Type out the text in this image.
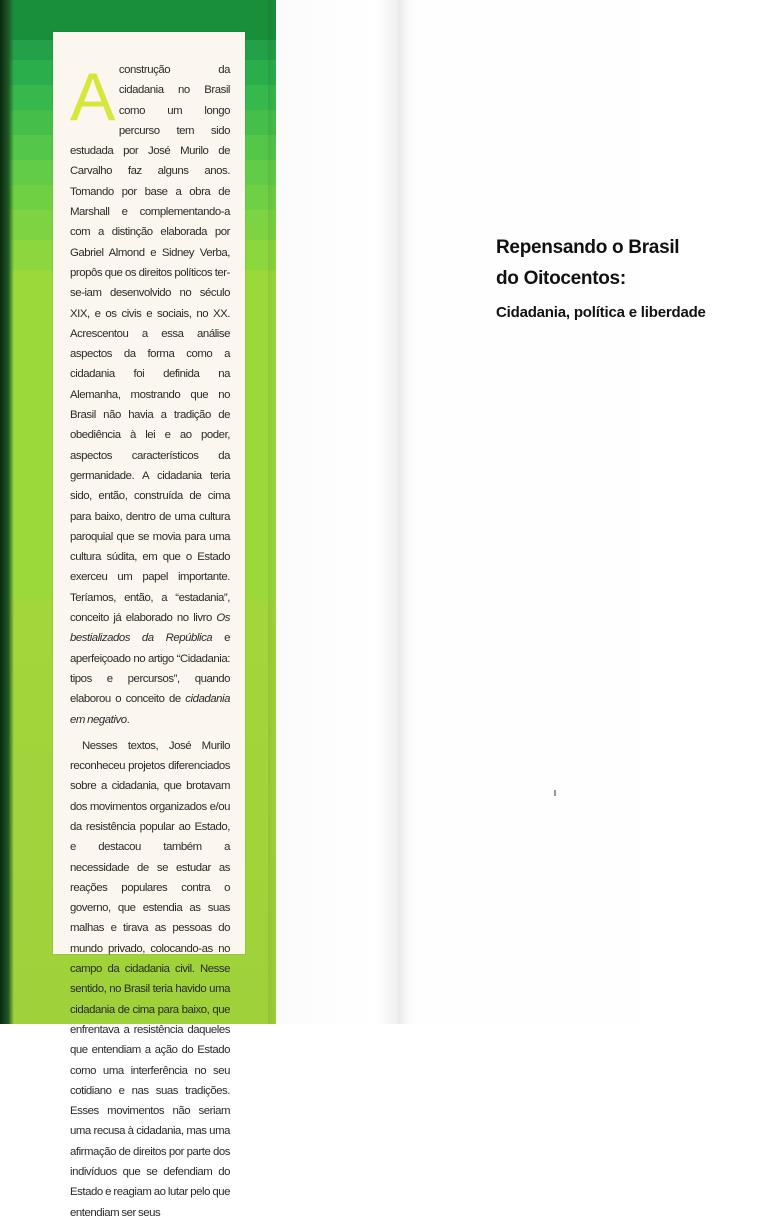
A construção da cidadania no Brasil como um longo percurso tem sido estudada por José Murilo de Carvalho faz alguns anos. Tomando por base a obra de Marshall e complementando-a com a distinção elaborada por Gabriel Almond e Sidney Verba, propôs que os direitos políticos ter-se-iam desenvolvido no século XIX, e os civis e sociais, no XX. Acrescentou a essa análise aspectos da forma como a cidadania foi definida na Alemanha, mostrando que no Brasil não havia a tradição de obediência à lei e ao poder, aspectos característicos da germanidade. A cidadania teria sido, então, construída de cima para baixo, dentro de uma cultura paroquial que se movia para uma cultura súdita, em que o Estado exerceu um papel importante. Teríamos, então, a “estadania”, conceito já elaborado no livro Os bestializados da República e aperfeiçoado no artigo “Cidadania: tipos e percursos”, quando elaborou o conceito de cidadania em negativo.

Nesses textos, José Murilo reconheceu projetos diferenciados sobre a cidadania, que brotavam dos movimentos organizados e/ou da resistência popular ao Estado, e destacou também a necessidade de se estudar as reações populares contra o governo, que estendia as suas malhas e tirava as pessoas do mundo privado, colocando-as no campo da cidadania civil. Nesse sentido, no Brasil teria havido uma cidadania de cima para baixo, que enfrentava a resistência daqueles que entendiam a ação do Estado como uma interferência no seu cotidiano e nas suas tradições. Esses movimentos não seriam uma recusa à cidadania, mas uma afirmação de direitos por parte dos indivíduos que se defendiam do Estado e reagiam ao lutar pelo que entendiam ser seus

Repensando o Brasil
do Oitocentos:
Cidadania, política e liberdade
